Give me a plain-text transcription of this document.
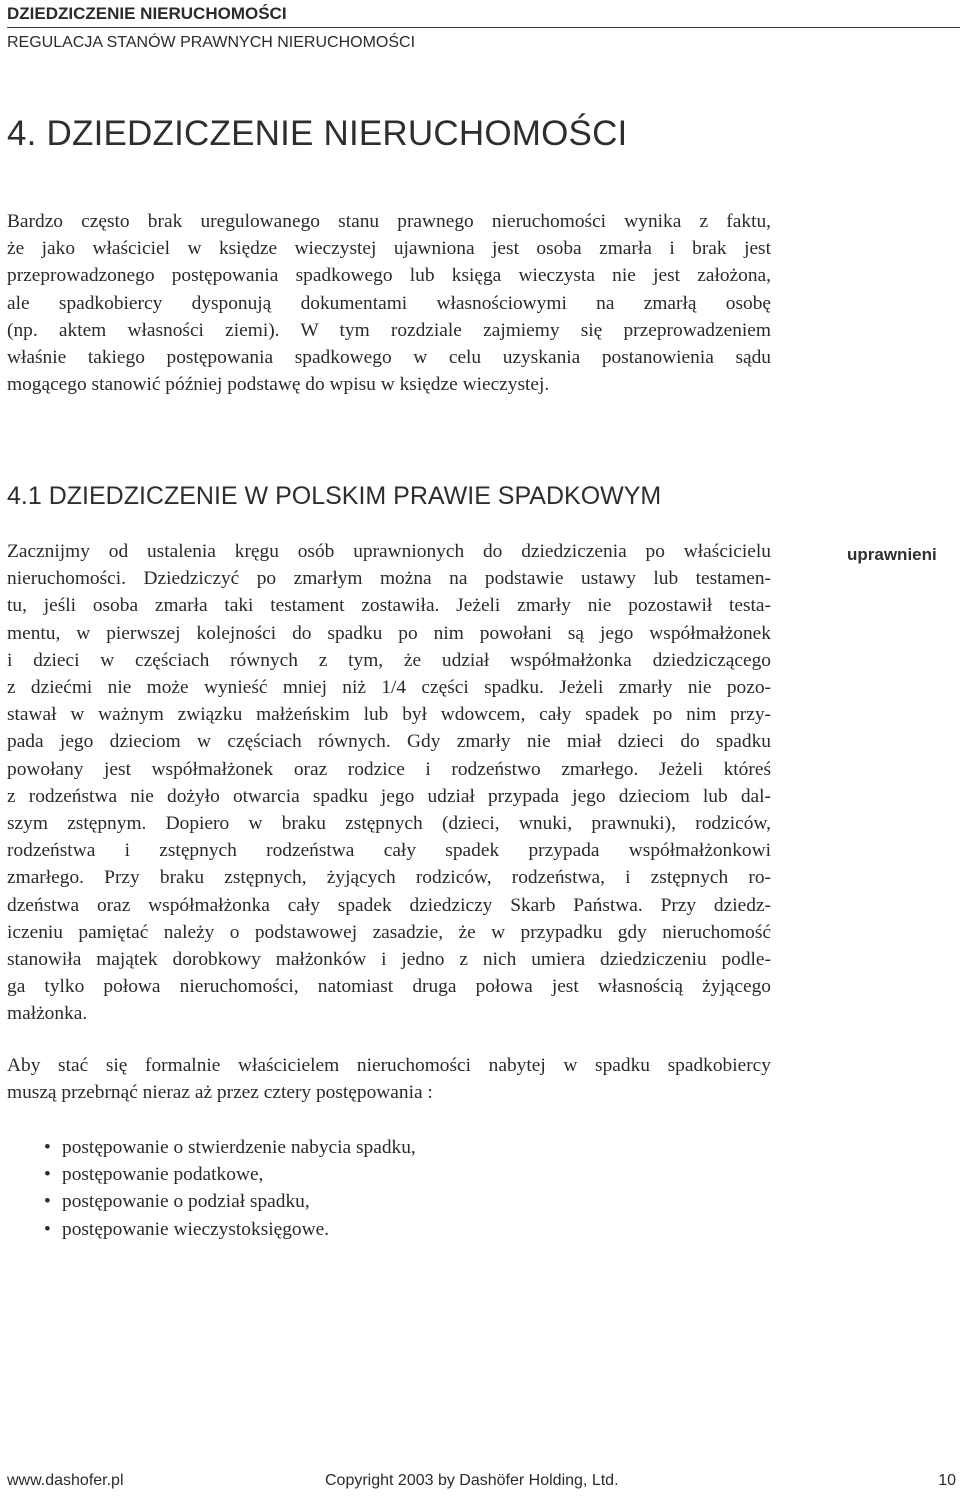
DZIEDZICZENIE NIERUCHOMOŚCI
REGULACJA STANÓW PRAWNYCH NIERUCHOMOŚCI
4. DZIEDZICZENIE NIERUCHOMOŚCI
Bardzo często brak uregulowanego stanu prawnego nieruchomości wynika z faktu,
że jako właściciel w księdze wieczystej ujawniona jest osoba zmarła i brak jest
przeprowadzonego postępowania spadkowego lub księga wieczysta nie jest założona,
ale spadkobiercy dysponują dokumentami własnościowymi na zmarłą osobę
(np. aktem własności ziemi). W tym rozdziale zajmiemy się przeprowadzeniem
właśnie takiego postępowania spadkowego w celu uzyskania postanowienia sądu
mogącego stanowić później podstawę do wpisu w księdze wieczystej.
4.1 DZIEDZICZENIE W POLSKIM PRAWIE SPADKOWYM
uprawnieni
Zacznijmy od ustalenia kręgu osób uprawnionych do dziedziczenia po właścicielu
nieruchomości. Dziedziczyć po zmarłym można na podstawie ustawy lub testamen-
tu, jeśli osoba zmarła taki testament zostawiła. Jeżeli zmarły nie pozostawił testa-
mentu, w pierwszej kolejności do spadku po nim powołani są jego współmałżonek
i dzieci w częściach równych z tym, że udział współmałżonka dziedziczącego
z dziećmi nie może wynieść mniej niż 1/4 części spadku. Jeżeli zmarły nie pozo-
stawał w ważnym związku małżeńskim lub był wdowcem, cały spadek po nim przy-
pada jego dzieciom w częściach równych. Gdy zmarły nie miał dzieci do spadku
powołany jest współmałżonek oraz rodzice i rodzeństwo zmarłego. Jeżeli któreś
z rodzeństwa nie dożyło otwarcia spadku jego udział przypada jego dzieciom lub dal-
szym zstępnym. Dopiero w braku zstępnych (dzieci, wnuki, prawnuki), rodziców,
rodzeństwa i zstępnych rodzeństwa cały spadek przypada współmałżonkowi
zmarłego. Przy braku zstępnych, żyjących rodziców, rodzeństwa, i zstępnych ro-
dzeństwa oraz współmałżonka cały spadek dziedziczy Skarb Państwa. Przy dziedz-
iczeniu pamiętać należy o podstawowej zasadzie, że w przypadku gdy nieruchomość
stanowiła majątek dorobkowy małżonków i jedno z nich umiera dziedziczeniu podle-
ga tylko połowa nieruchomości, natomiast druga połowa jest własnością żyjącego
małżonka.
Aby stać się formalnie właścicielem nieruchomości nabytej w spadku spadkobiercy
muszą przebrnąć nieraz aż przez cztery postępowania :
• postępowanie o stwierdzenie nabycia spadku,
• postępowanie podatkowe,
• postępowanie o podział spadku,
• postępowanie wieczystoksięgowe.
www.dashofer.pl	Copyright 2003 by Dashöfer Holding, Ltd.	10
